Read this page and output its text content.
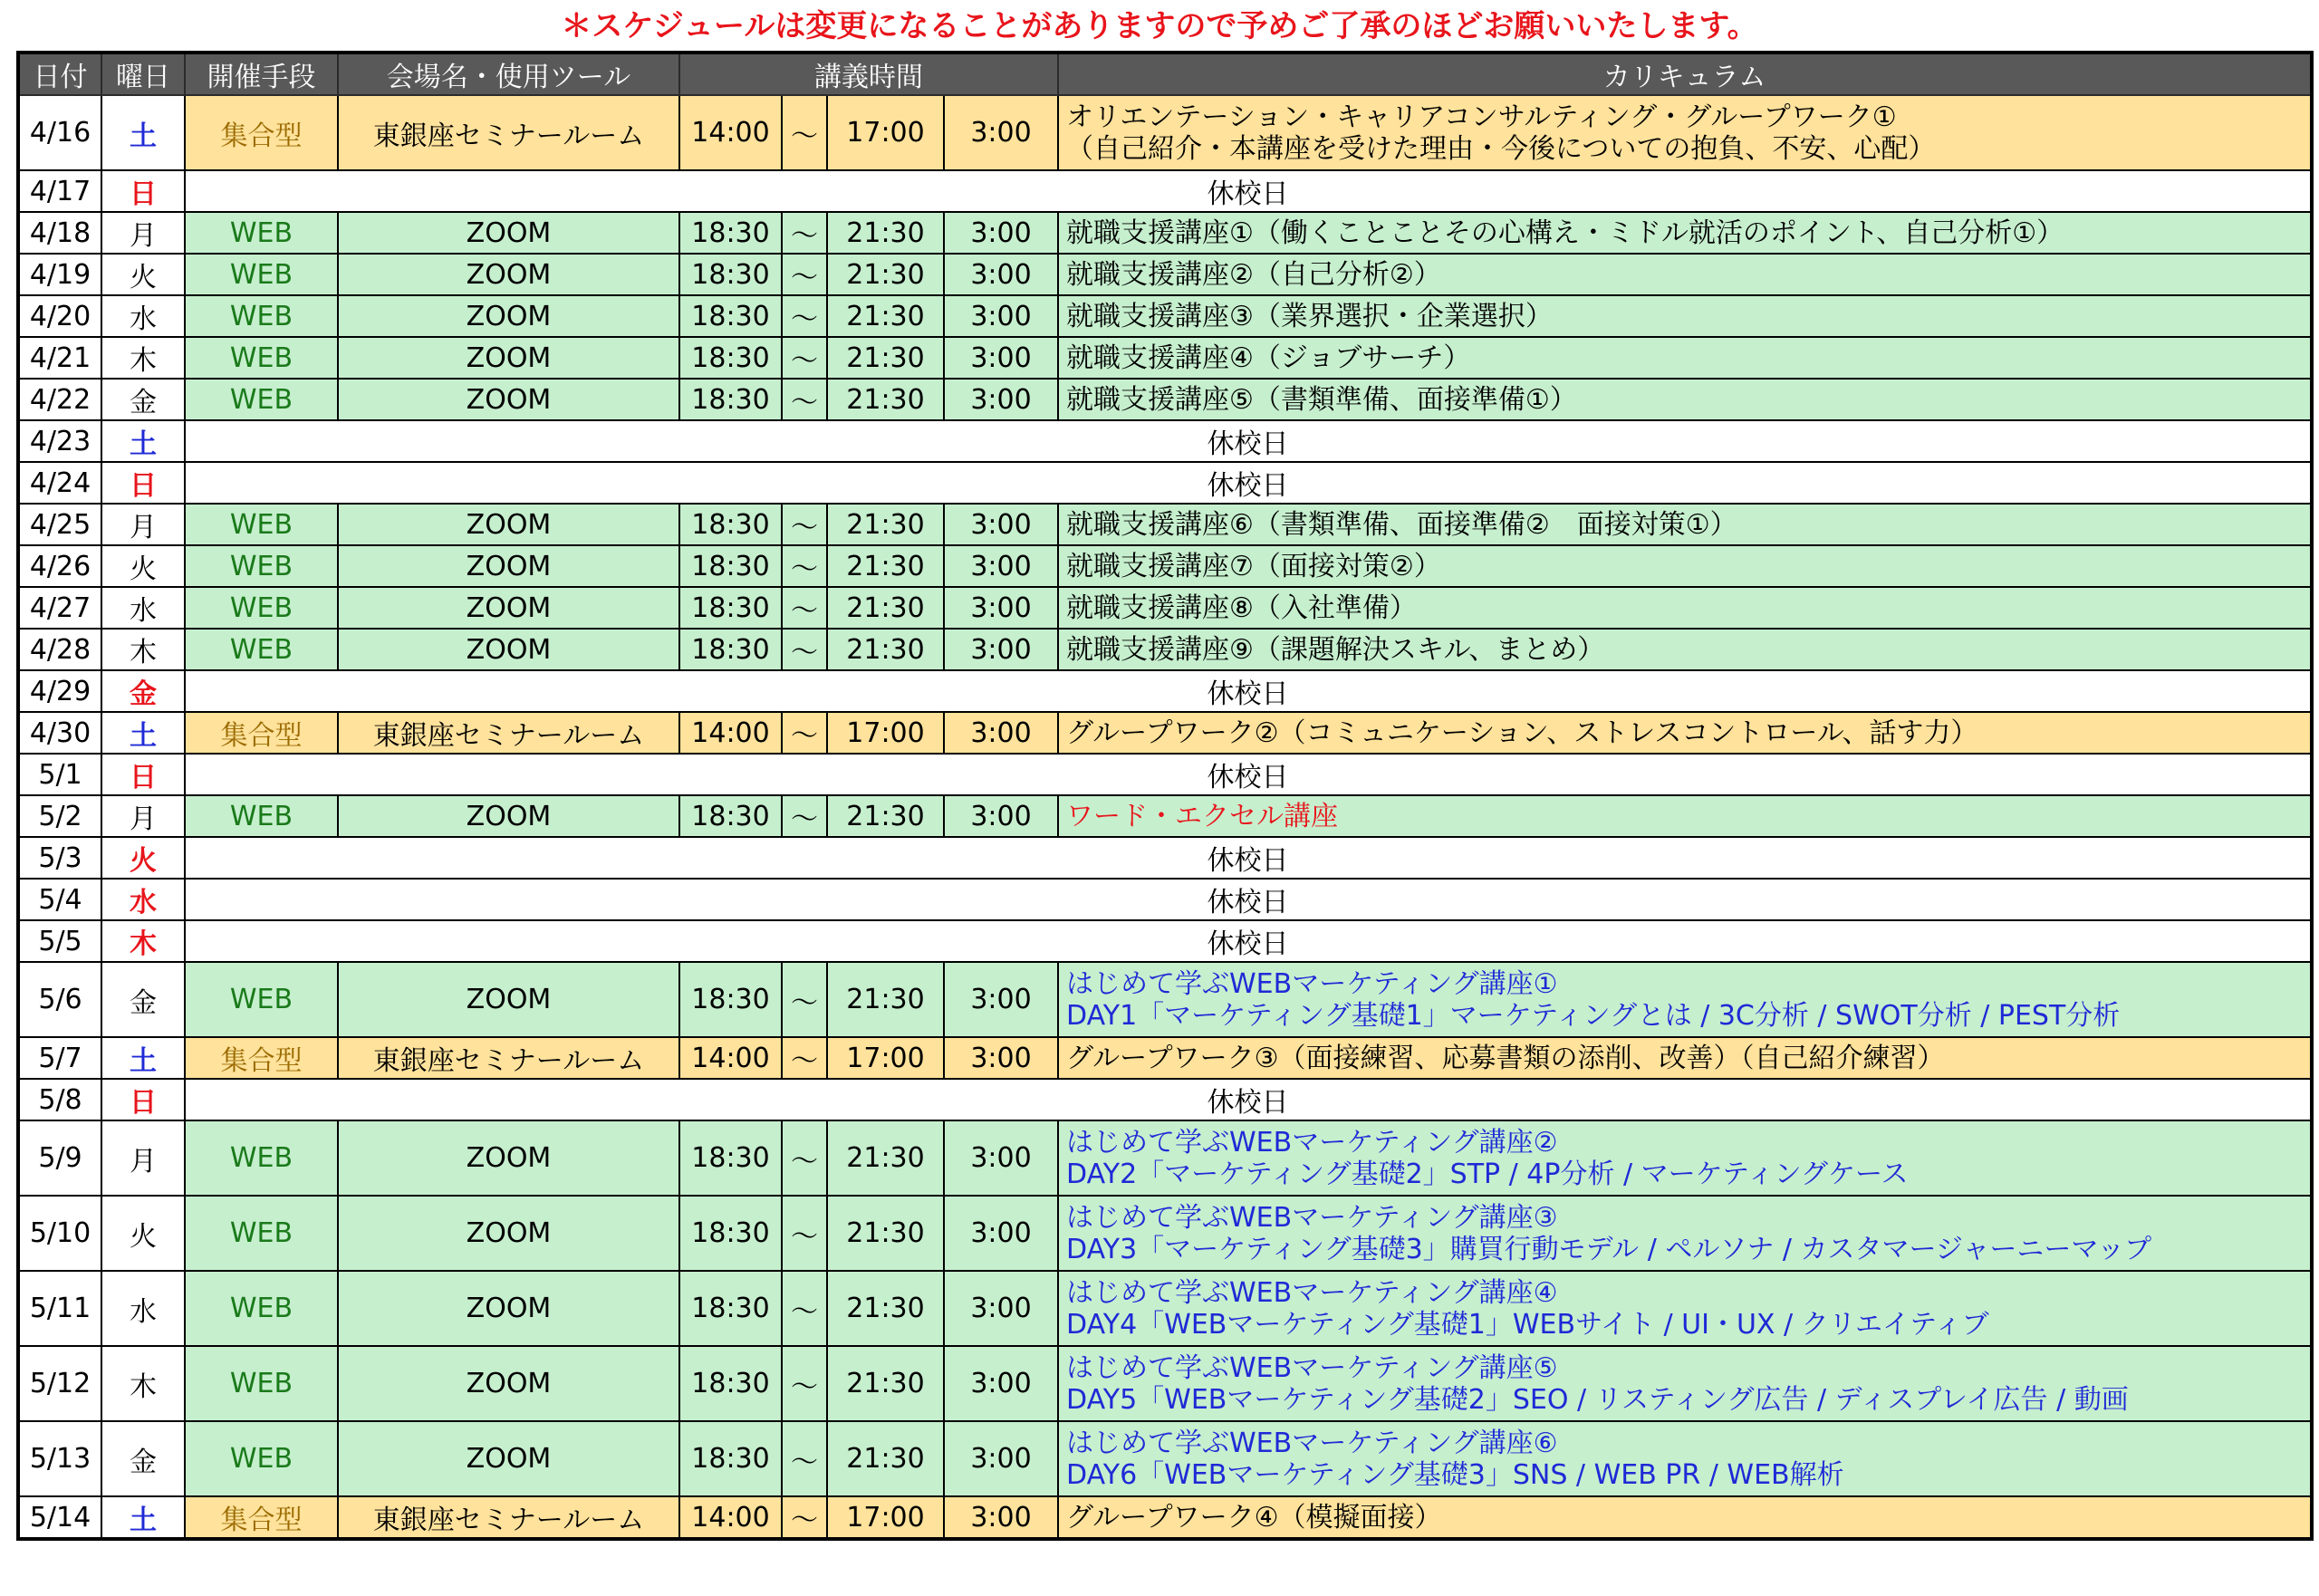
＊スケジュールは変更になることがありますので予めご了承のほどお願いいたします。
日付	曜日	開催手段	会場名・使用ツール	講義時間				カリキュラム
4/16	土	集合型	東銀座セミナールーム	14:00	～	17:00	3:00	オリエンテーション・キャリアコンサルティング・グループワーク①
（自己紹介・本講座を受けた理由・今後についての抱負、不安、心配）

4/17	日	休校日						
4/18	月	WEB	ZOOM	18:30	～	21:30	3:00	就職支援講座①（働くことことその心構え・ミドル就活のポイント、自己分析①）

4/19	火	WEB	ZOOM	18:30	～	21:30	3:00	就職支援講座②（自己分析②）

4/20	水	WEB	ZOOM	18:30	～	21:30	3:00	就職支援講座③（業界選択・企業選択）

4/21	木	WEB	ZOOM	18:30	～	21:30	3:00	就職支援講座④（ジョブサーチ）

4/22	金	WEB	ZOOM	18:30	～	21:30	3:00	就職支援講座⑤（書類準備、面接準備①）

4/23	土	休校日						
4/24	日	休校日						
4/25	月	WEB	ZOOM	18:30	～	21:30	3:00	就職支援講座⑥（書類準備、面接準備②　面接対策①）

4/26	火	WEB	ZOOM	18:30	～	21:30	3:00	就職支援講座⑦（面接対策②）

4/27	水	WEB	ZOOM	18:30	～	21:30	3:00	就職支援講座⑧（入社準備）

4/28	木	WEB	ZOOM	18:30	～	21:30	3:00	就職支援講座⑨（課題解決スキル、まとめ）

4/29	金	休校日						
4/30	土	集合型	東銀座セミナールーム	14:00	～	17:00	3:00	グループワーク②（コミュニケーション、ストレスコントロール、話す力）

5/1	日	休校日						
5/2	月	WEB	ZOOM	18:30	～	21:30	3:00	ワード・エクセル講座

5/3	火	休校日						
5/4	水	休校日						
5/5	木	休校日						
5/6	金	WEB	ZOOM	18:30	～	21:30	3:00	はじめて学ぶWEBマーケティング講座①
DAY1「マーケティング基礎1」マーケティングとは / 3C分析 / SWOT分析 / PEST分析

5/7	土	集合型	東銀座セミナールーム	14:00	～	17:00	3:00	グループワーク③（面接練習、応募書類の添削、改善）（自己紹介練習）

5/8	日	休校日						
5/9	月	WEB	ZOOM	18:30	～	21:30	3:00	はじめて学ぶWEBマーケティング講座②
DAY2「マーケティング基礎2」STP / 4P分析 / マーケティングケース

5/10	火	WEB	ZOOM	18:30	～	21:30	3:00	はじめて学ぶWEBマーケティング講座③
DAY3「マーケティング基礎3」購買行動モデル / ペルソナ / カスタマージャーニーマップ

5/11	水	WEB	ZOOM	18:30	～	21:30	3:00	はじめて学ぶWEBマーケティング講座④
DAY4「WEBマーケティング基礎1」WEBサイト / UI・UX / クリエイティブ

5/12	木	WEB	ZOOM	18:30	～	21:30	3:00	はじめて学ぶWEBマーケティング講座⑤
DAY5「WEBマーケティング基礎2」SEO / リスティング広告 / ディスプレイ広告 / 動画

5/13	金	WEB	ZOOM	18:30	～	21:30	3:00	はじめて学ぶWEBマーケティング講座⑥
DAY6「WEBマーケティング基礎3」SNS / WEB PR / WEB解析

5/14	土	集合型	東銀座セミナールーム	14:00	～	17:00	3:00	グループワーク④（模擬面接）
